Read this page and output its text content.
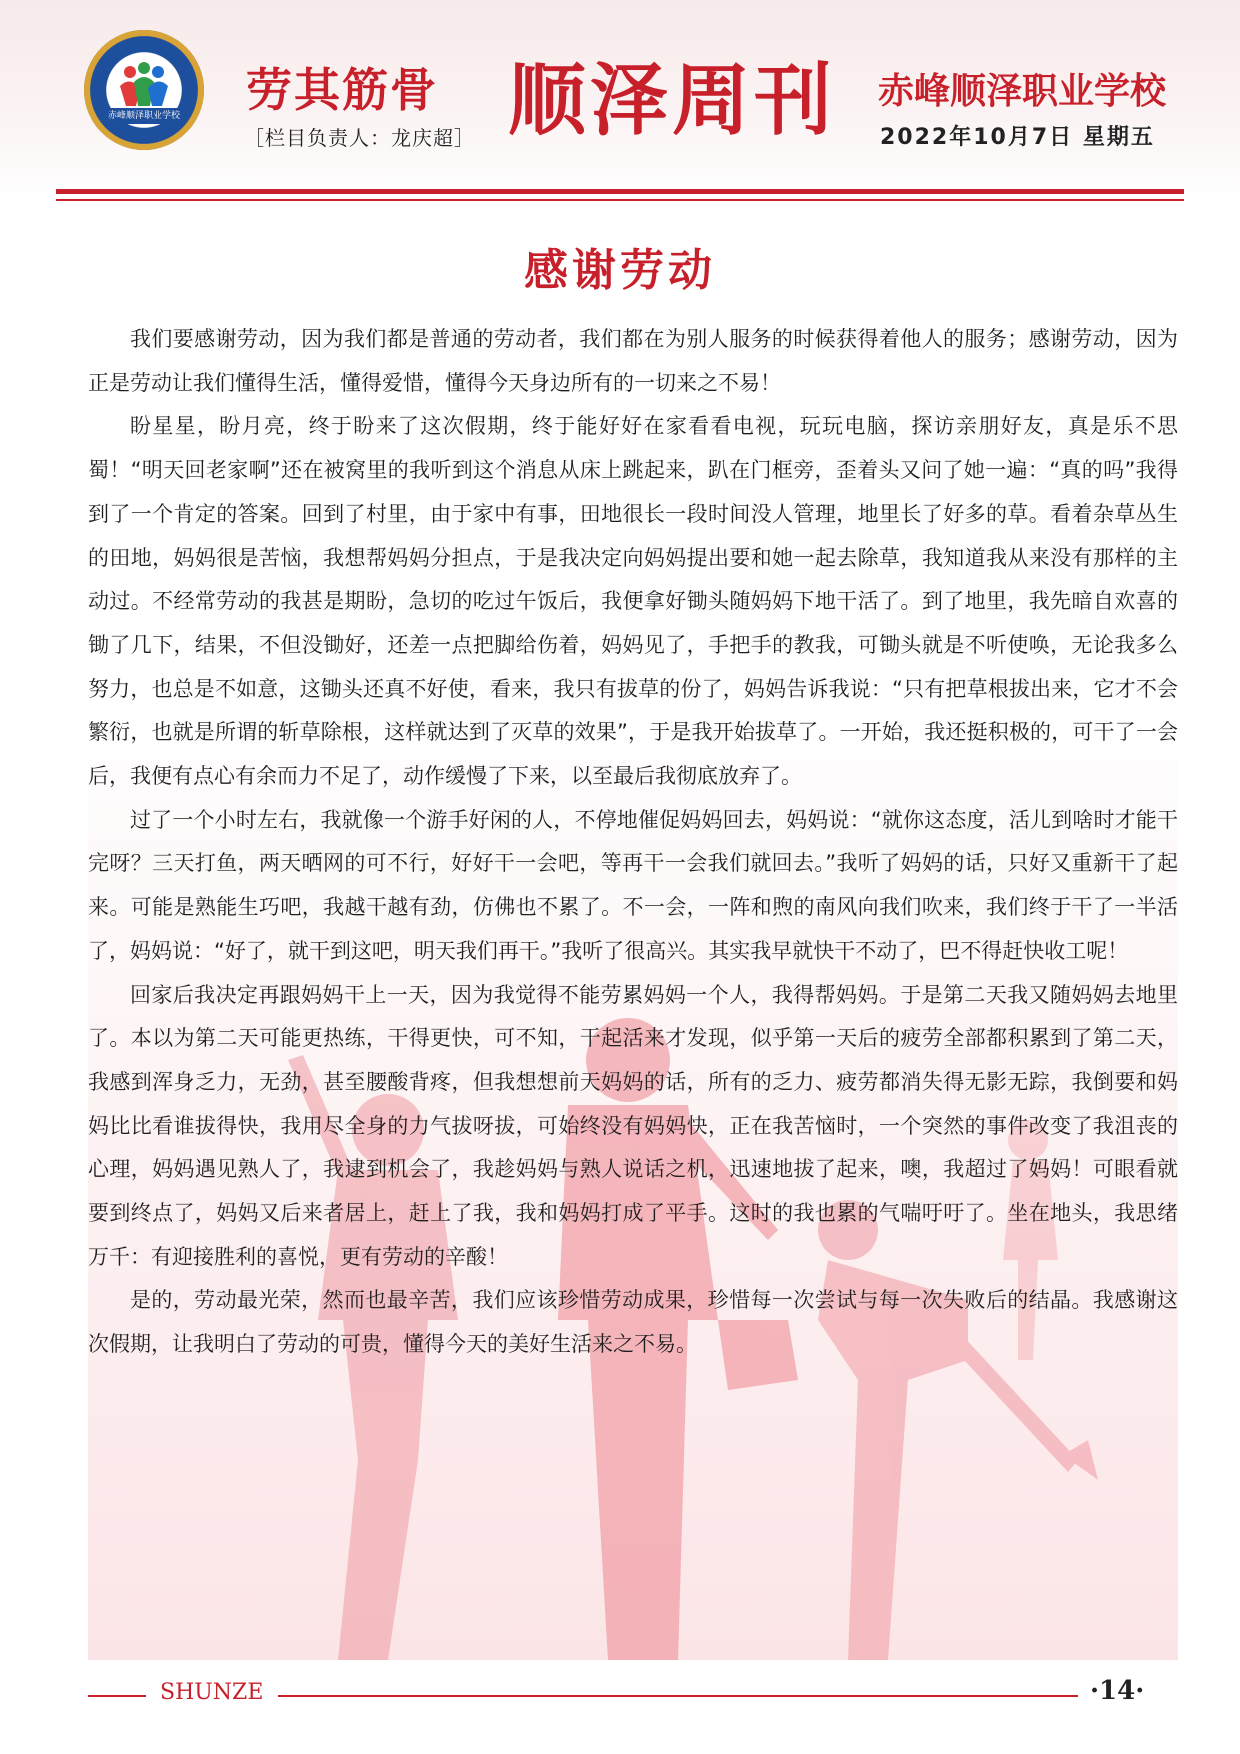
赤峰顺泽职业学校 劳其筋骨
［栏目负责人：龙庆超］ 顺泽周刊	赤峰顺泽职业学校
2022年10月7日 星期五
感谢劳动

我们要感谢劳动，因为我们都是普通的劳动者，我们都在为别人服务的时候获得着他人的服务；感谢劳动，因为正是劳动让我们懂得生活，懂得爱惜，懂得今天身边所有的一切来之不易！

盼星星，盼月亮，终于盼来了这次假期，终于能好好在家看看电视，玩玩电脑，探访亲朋好友，真是乐不思蜀！“明天回老家啊”还在被窝里的我听到这个消息从床上跳起来，趴在门框旁，歪着头又问了她一遍：“真的吗”我得到了一个肯定的答案。回到了村里，由于家中有事，田地很长一段时间没人管理，地里长了好多的草。看着杂草丛生的田地，妈妈很是苦恼，我想帮妈妈分担点，于是我决定向妈妈提出要和她一起去除草，我知道我从来没有那样的主动过。不经常劳动的我甚是期盼，急切的吃过午饭后，我便拿好锄头随妈妈下地干活了。到了地里，我先暗自欢喜的锄了几下，结果，不但没锄好，还差一点把脚给伤着，妈妈见了，手把手的教我，可锄头就是不听使唤，无论我多么努力，也总是不如意，这锄头还真不好使，看来，我只有拔草的份了，妈妈告诉我说：“只有把草根拔出来，它才不会繁衍，也就是所谓的斩草除根，这样就达到了灭草的效果”，于是我开始拔草了。一开始，我还挺积极的，可干了一会后，我便有点心有余而力不足了，动作缓慢了下来，以至最后我彻底放弃了。

过了一个小时左右，我就像一个游手好闲的人，不停地催促妈妈回去，妈妈说：“就你这态度，活儿到啥时才能干完呀？三天打鱼，两天晒网的可不行，好好干一会吧，等再干一会我们就回去。”我听了妈妈的话，只好又重新干了起来。可能是熟能生巧吧，我越干越有劲，仿佛也不累了。不一会，一阵和煦的南风向我们吹来，我们终于干了一半活了，妈妈说：“好了，就干到这吧，明天我们再干。”我听了很高兴。其实我早就快干不动了，巴不得赶快收工呢！

回家后我决定再跟妈妈干上一天，因为我觉得不能劳累妈妈一个人，我得帮妈妈。于是第二天我又随妈妈去地里了。本以为第二天可能更热练，干得更快，可不知，干起活来才发现，似乎第一天后的疲劳全部都积累到了第二天，我感到浑身乏力，无劲，甚至腰酸背疼，但我想想前天妈妈的话，所有的乏力、疲劳都消失得无影无踪，我倒要和妈妈比比看谁拔得快，我用尽全身的力气拔呀拔，可始终没有妈妈快，正在我苦恼时，一个突然的事件改变了我沮丧的心理，妈妈遇见熟人了，我逮到机会了，我趁妈妈与熟人说话之机，迅速地拔了起来，噢，我超过了妈妈！可眼看就要到终点了，妈妈又后来者居上，赶上了我，我和妈妈打成了平手。这时的我也累的气喘吁吁了。坐在地头，我思绪万千：有迎接胜利的喜悦，更有劳动的辛酸！

是的，劳动最光荣，然而也最辛苦，我们应该珍惜劳动成果，珍惜每一次尝试与每一次失败后的结晶。我感谢这次假期，让我明白了劳动的可贵，懂得今天的美好生活来之不易。

SHUNZE	·14·
